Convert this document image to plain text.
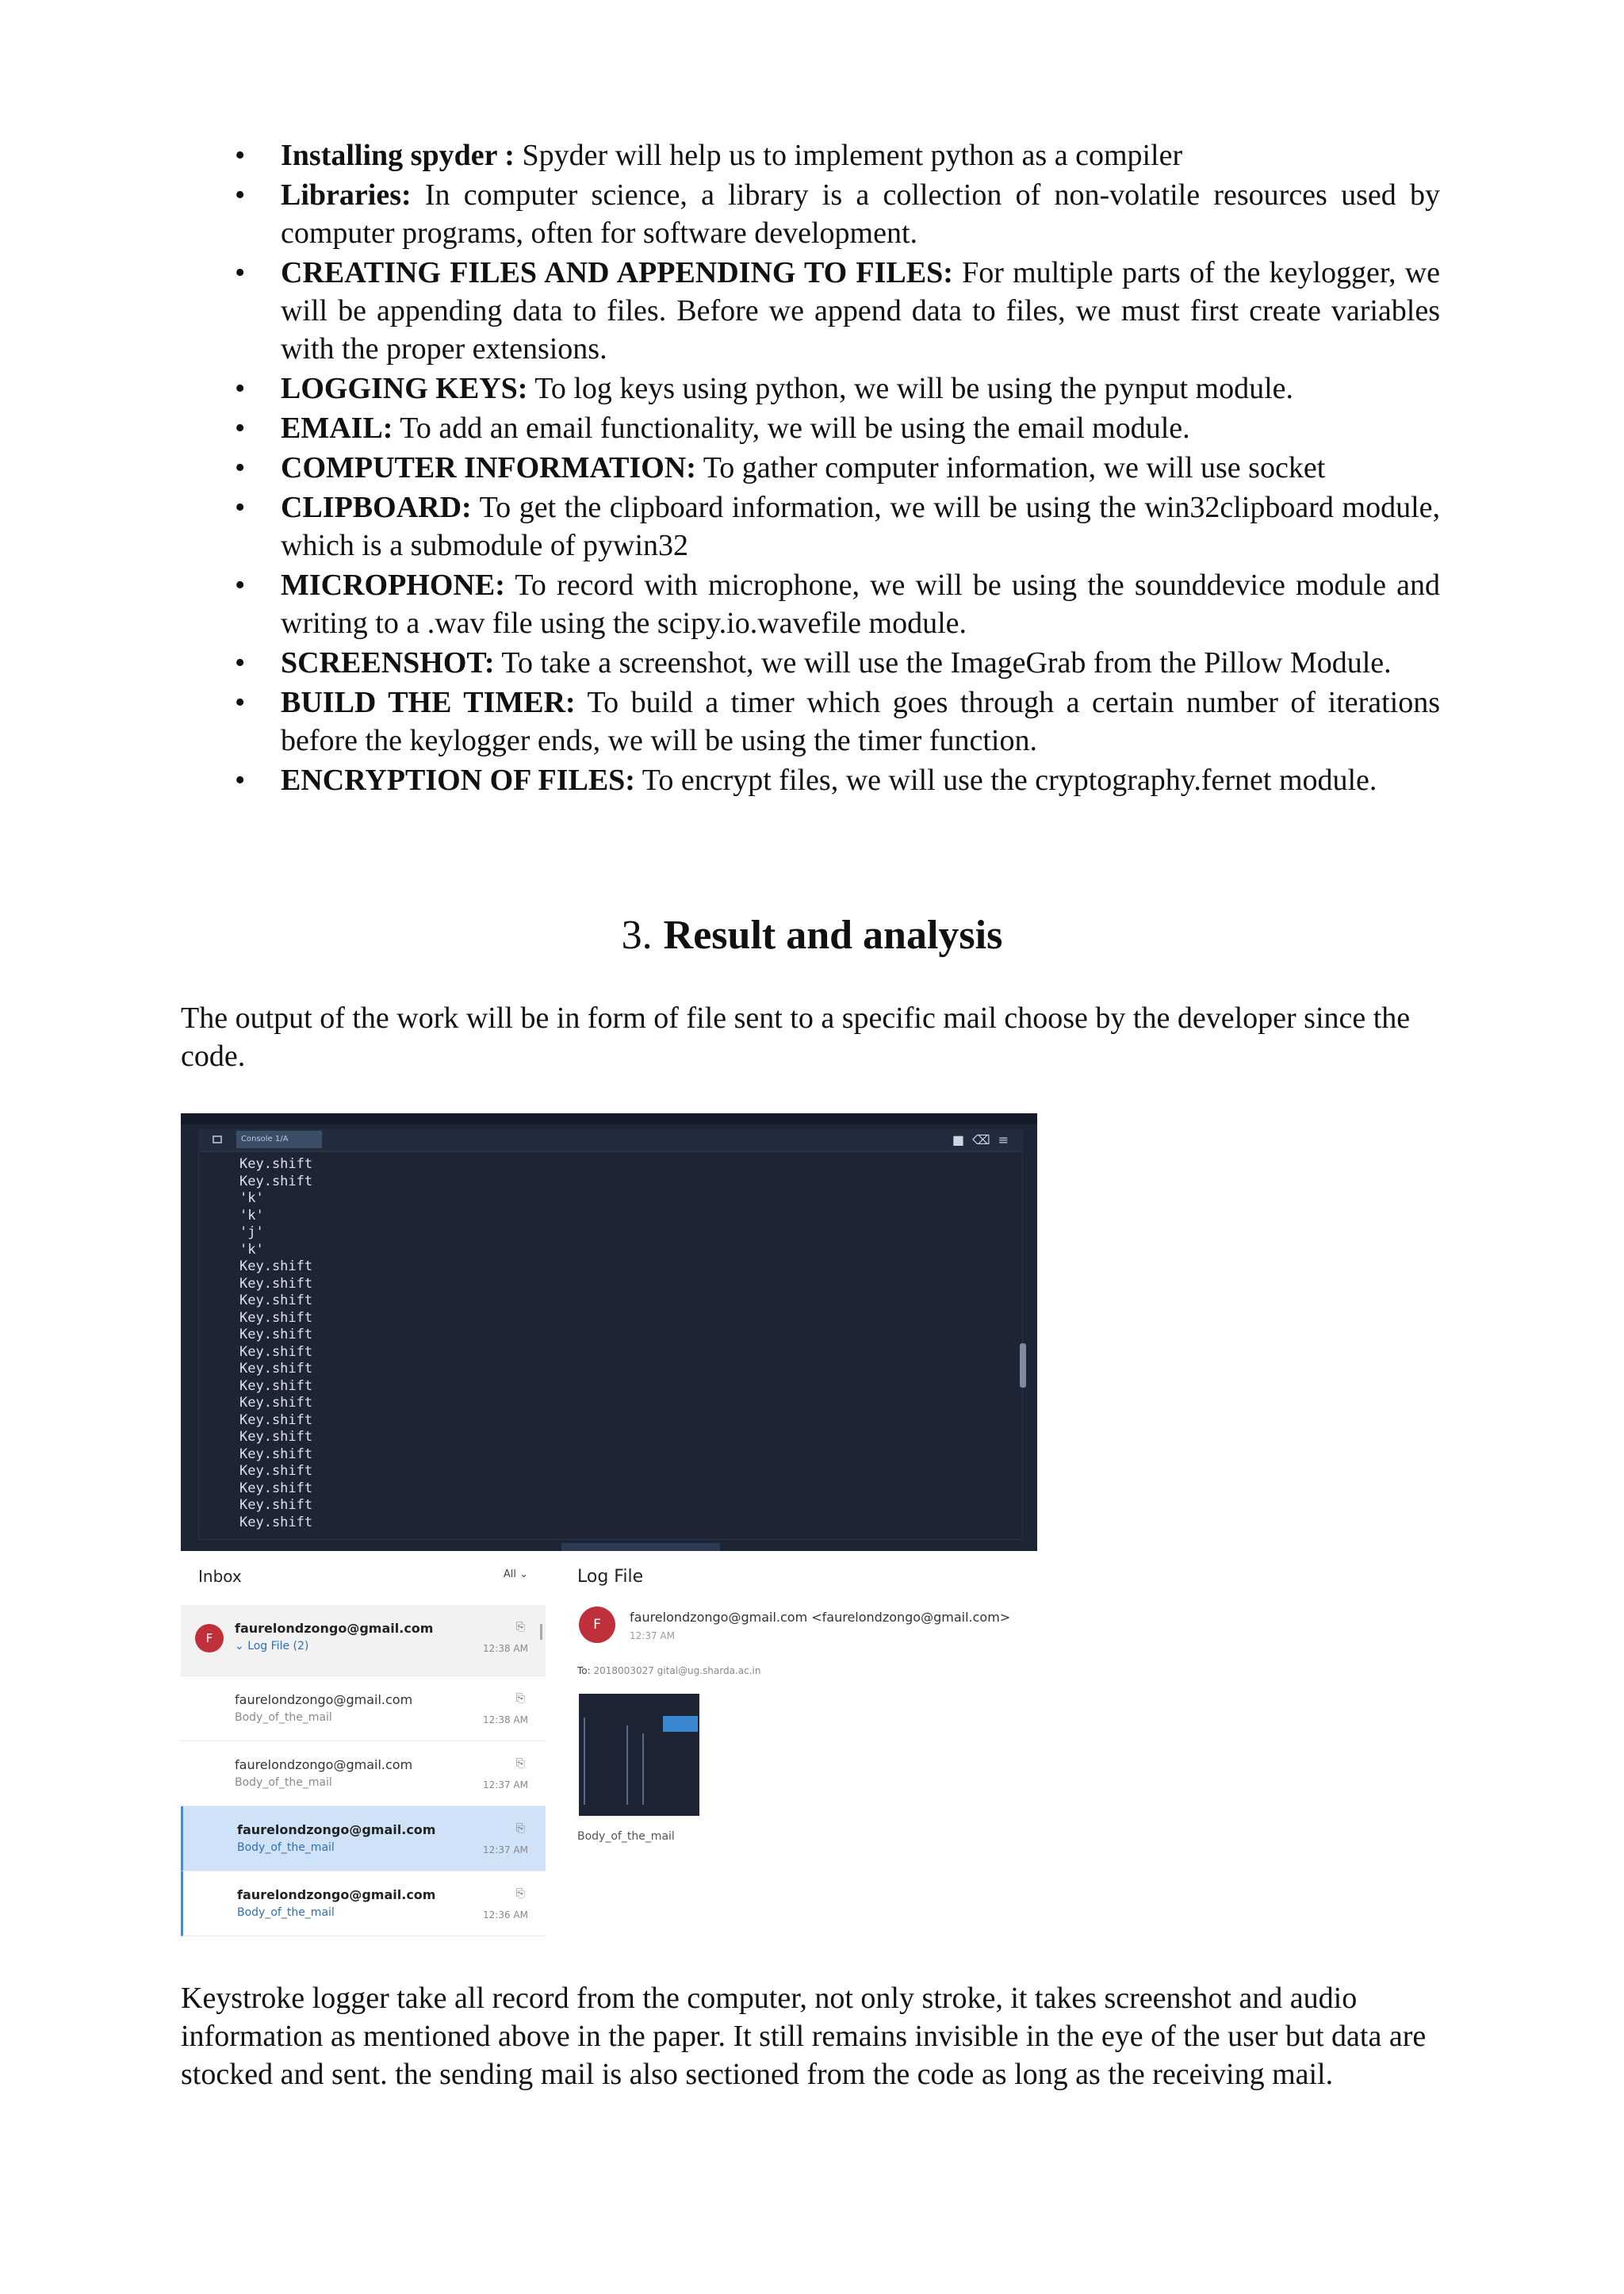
• Installing spyder : Spyder will help us to implement python as a compiler
• Libraries: In computer science, a library is a collection of non-volatile resources used by computer programs, often for software development.
• CREATING FILES AND APPENDING TO FILES: For multiple parts of the keylogger, we will be appending data to files. Before we append data to files, we must first create variables with the proper extensions.
• LOGGING KEYS: To log keys using python, we will be using the pynput module.
• EMAIL: To add an email functionality, we will be using the email module.
• COMPUTER INFORMATION: To gather computer information, we will use socket
• CLIPBOARD: To get the clipboard information, we will be using the win32clipboard module, which is a submodule of pywin32
• MICROPHONE: To record with microphone, we will be using the sounddevice module and writing to a .wav file using the scipy.io.wavefile module.
• SCREENSHOT: To take a screenshot, we will use the ImageGrab from the Pillow Module.
• BUILD THE TIMER: To build a timer which goes through a certain number of iterations before the keylogger ends, we will be using the timer function.
• ENCRYPTION OF FILES: To encrypt files, we will use the cryptography.fernet module.
3. Result and analysis
The output of the work will be in form of file sent to a specific mail choose by the developer since the code.
Console 1/A	■⌫≡
Key.shift
Key.shift
'k'
'k'
'j'
'k'
Key.shift
Key.shift
Key.shift
Key.shift
Key.shift
Key.shift
Key.shift
Key.shift
Key.shift
Key.shift
Key.shift
Key.shift
Key.shift
Key.shift
Key.shift
Key.shift
Inbox	All ⌄
F
faurelondzongo@gmail.com
⌄ Log File (2)
⎘
12:38 AM
faurelondzongo@gmail.com
Body_of_the_mail
⎘
12:38 AM
faurelondzongo@gmail.com
Body_of_the_mail
⎘
12:37 AM
faurelondzongo@gmail.com
Body_of_the_mail
⎘
12:37 AM
faurelondzongo@gmail.com
Body_of_the_mail
⎘
12:36 AM
Log File
F	faurelondzongo@gmail.com <faurelondzongo@gmail.com>
12:37 AM
To: 2018003027 gital@ug.sharda.ac.in
Body_of_the_mail
Keystroke logger take all record from the computer, not only stroke, it takes screenshot and audio information as mentioned above in the paper. It still remains invisible in the eye of the user but data are stocked and sent. the sending mail is also sectioned from the code as long as the receiving mail.
